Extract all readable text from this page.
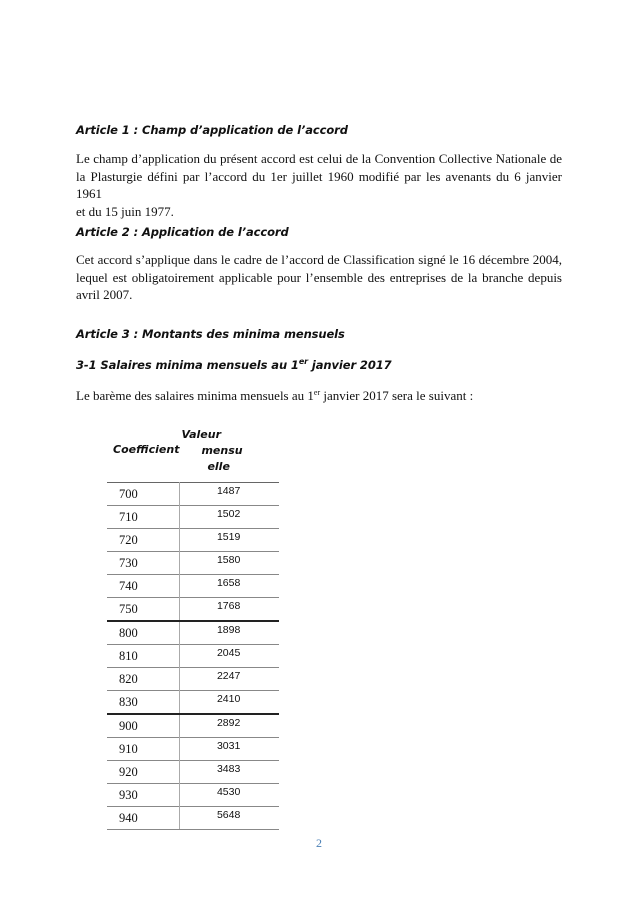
Article 1 : Champ d’application de l’accord
Le champ d’application du présent accord est celui de la Convention Collective Nationale de
la Plasturgie défini par l’accord du 1er juillet 1960 modifié par les avenants du 6 janvier 1961
et du 15 juin 1977.
Article 2 : Application de l’accord
Cet accord s’applique dans le cadre de l’accord de Classification signé le 16 décembre 2004,
lequel est obligatoirement applicable pour l’ensemble des entreprises de la branche depuis
avril 2007.
Article 3 : Montants des minima mensuels
3-1 Salaires minima mensuels au 1er janvier 2017
Le barème des salaires minima mensuels au 1er janvier 2017 sera le suivant :
Coefficient	Valeur
mensu
elle

700	1487
710	1502
720	1519
730	1580
740	1658
750	1768
800	1898
810	2045
820	2247
830	2410
900	2892
910	3031
920	3483
930	4530
940	5648
2
